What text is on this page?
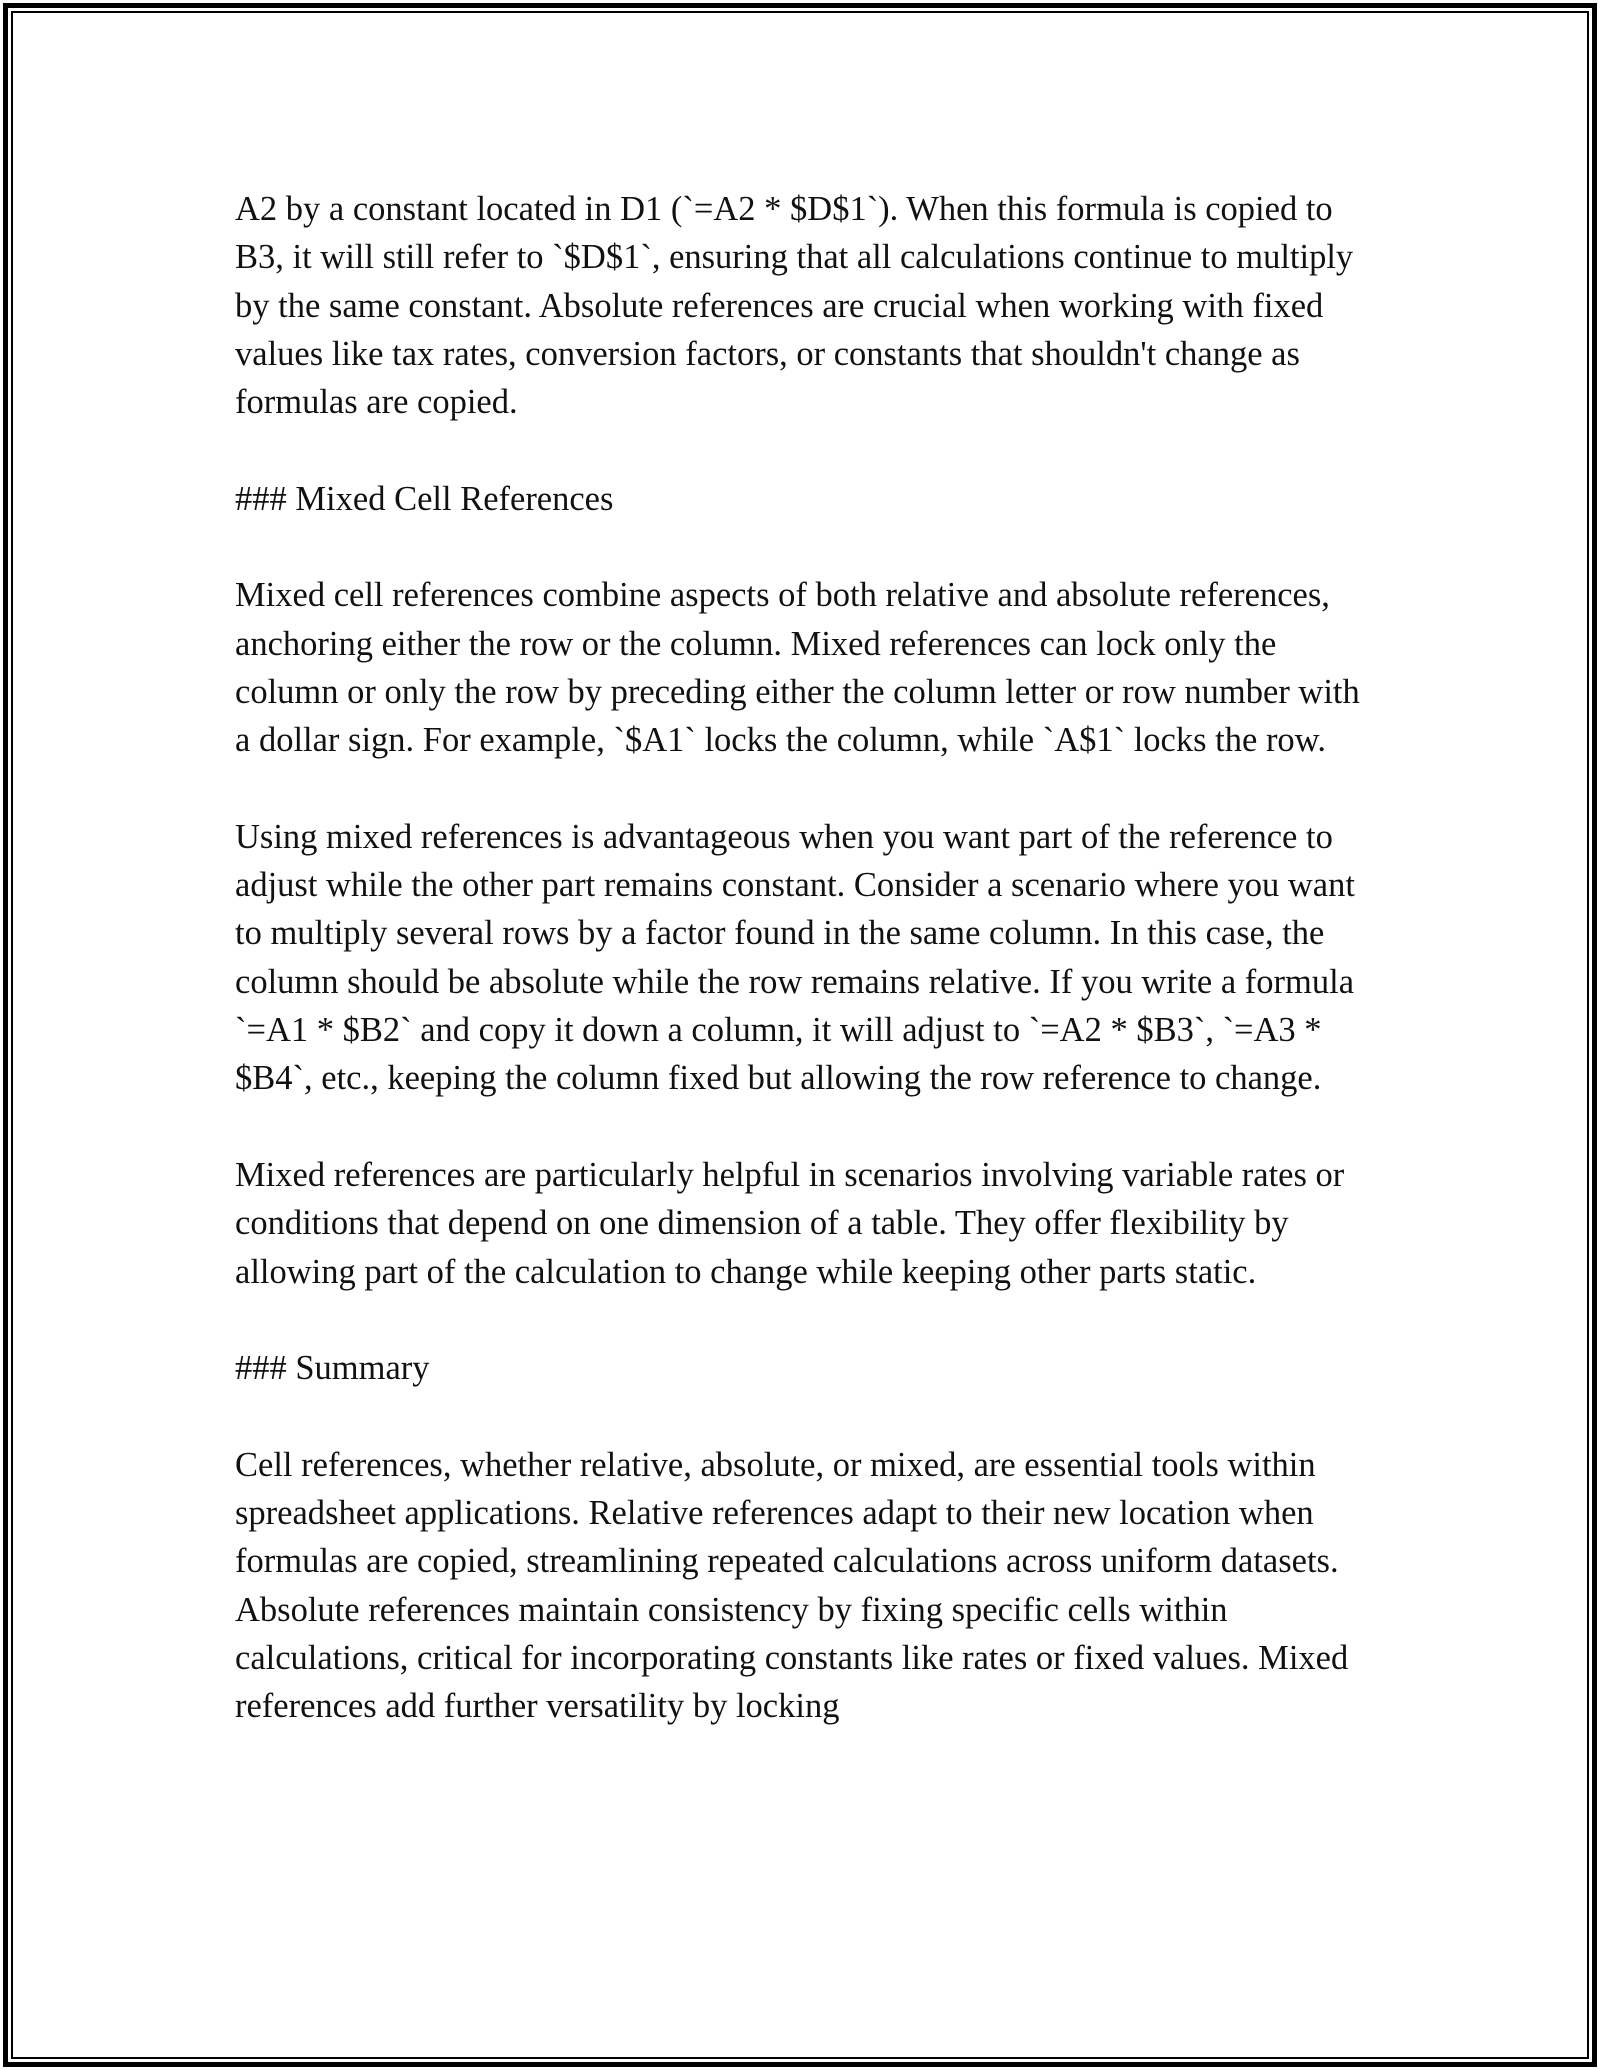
A2 by a constant located in D1 (`=A2 * $D$1`). When this formula is copied to B3, it will still refer to `$D$1`, ensuring that all calculations continue to multiply by the same constant. Absolute references are crucial when working with fixed values like tax rates, conversion factors, or constants that shouldn't change as formulas are copied.

### Mixed Cell References

Mixed cell references combine aspects of both relative and absolute references, anchoring either the row or the column. Mixed references can lock only the column or only the row by preceding either the column letter or row number with a dollar sign. For example, `$A1` locks the column, while `A$1` locks the row.

Using mixed references is advantageous when you want part of the reference to adjust while the other part remains constant. Consider a scenario where you want to multiply several rows by a factor found in the same column. In this case, the column should be absolute while the row remains relative. If you write a formula `=A1 * $B2` and copy it down a column, it will adjust to `=A2 * $B3`, `=A3 * $B4`, etc., keeping the column fixed but allowing the row reference to change.

Mixed references are particularly helpful in scenarios involving variable rates or conditions that depend on one dimension of a table. They offer flexibility by allowing part of the calculation to change while keeping other parts static.

### Summary

Cell references, whether relative, absolute, or mixed, are essential tools within spreadsheet applications. Relative references adapt to their new location when formulas are copied, streamlining repeated calculations across uniform datasets. Absolute references maintain consistency by fixing specific cells within calculations, critical for incorporating constants like rates or fixed values. Mixed references add further versatility by locking
